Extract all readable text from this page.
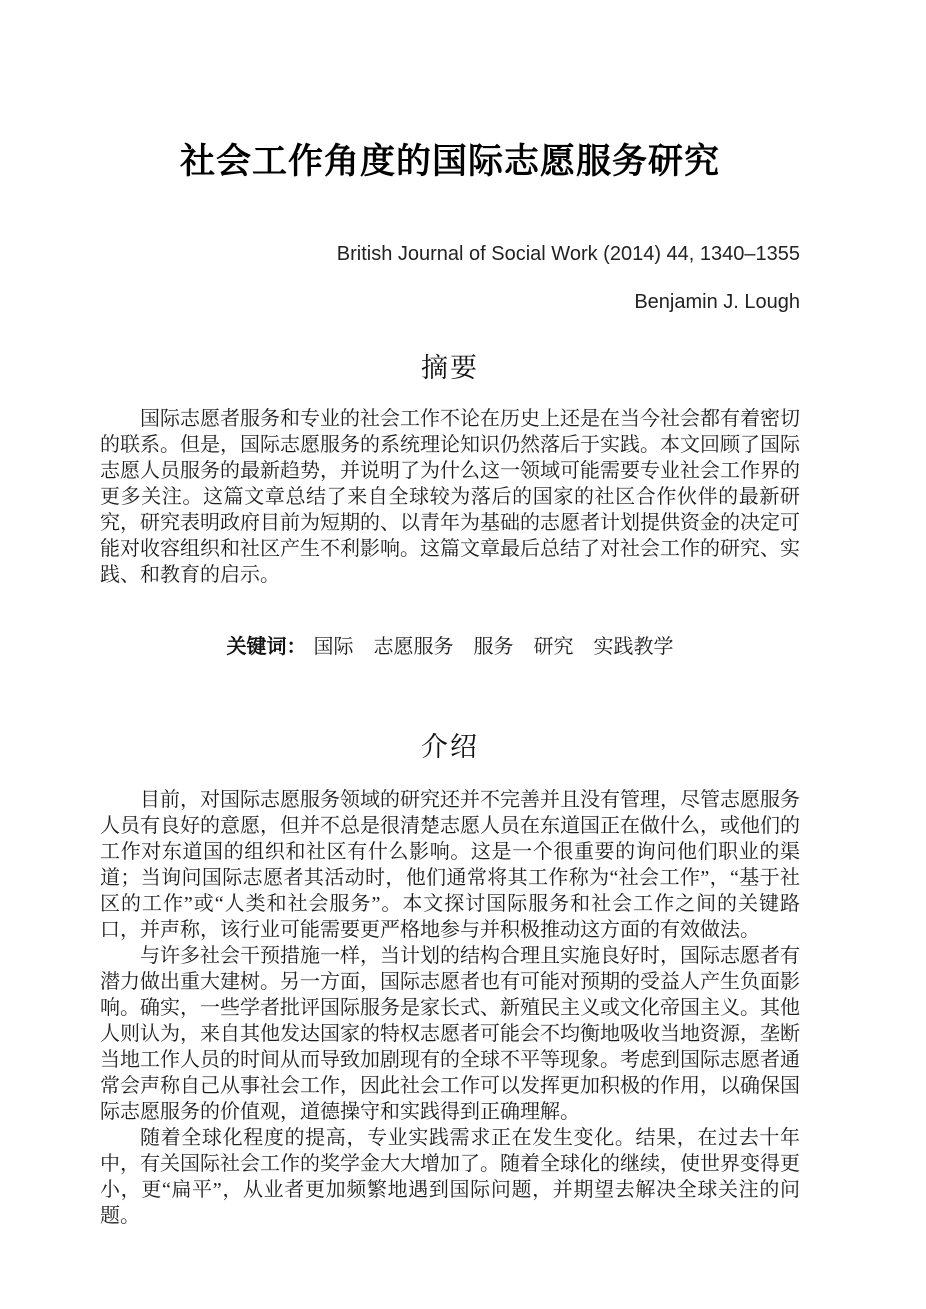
社会工作角度的国际志愿服务研究
British Journal of Social Work (2014) 44, 1340–1355
Benjamin J. Lough
摘要

国际志愿者服务和专业的社会工作不论在历史上还是在当今社会都有着密切的联系。但是，国际志愿服务的系统理论知识仍然落后于实践。本文回顾了国际志愿人员服务的最新趋势，并说明了为什么这一领域可能需要专业社会工作界的更多关注。这篇文章总结了来自全球较为落后的国家的社区合作伙伴的最新研究，研究表明政府目前为短期的、以青年为基础的志愿者计划提供资金的决定可能对收容组织和社区产生不利影响。这篇文章最后总结了对社会工作的研究、实践、和教育的启示。

关键词： 国际 志愿服务 服务 研究 实践教学
介绍

目前，对国际志愿服务领域的研究还并不完善并且没有管理，尽管志愿服务人员有良好的意愿，但并不总是很清楚志愿人员在东道国正在做什么，或他们的工作对东道国的组织和社区有什么影响。这是一个很重要的询问他们职业的渠道；当询问国际志愿者其活动时，他们通常将其工作称为“社会工作”，“基于社区的工作”或“人类和社会服务”。本文探讨国际服务和社会工作之间的关键路口，并声称，该行业可能需要更严格地参与并积极推动这方面的有效做法。

与许多社会干预措施一样，当计划的结构合理且实施良好时，国际志愿者有潜力做出重大建树。另一方面，国际志愿者也有可能对预期的受益人产生负面影响。确实，一些学者批评国际服务是家长式、新殖民主义或文化帝国主义。其他人则认为，来自其他发达国家的特权志愿者可能会不均衡地吸收当地资源，垄断当地工作人员的时间从而导致加剧现有的全球不平等现象。考虑到国际志愿者通常会声称自己从事社会工作，因此社会工作可以发挥更加积极的作用，以确保国际志愿服务的价值观，道德操守和实践得到正确理解。

随着全球化程度的提高，专业实践需求正在发生变化。结果，在过去十年中，有关国际社会工作的奖学金大大增加了。随着全球化的继续，使世界变得更小，更“扁平”，从业者更加频繁地遇到国际问题，并期望去解决全球关注的问题。
